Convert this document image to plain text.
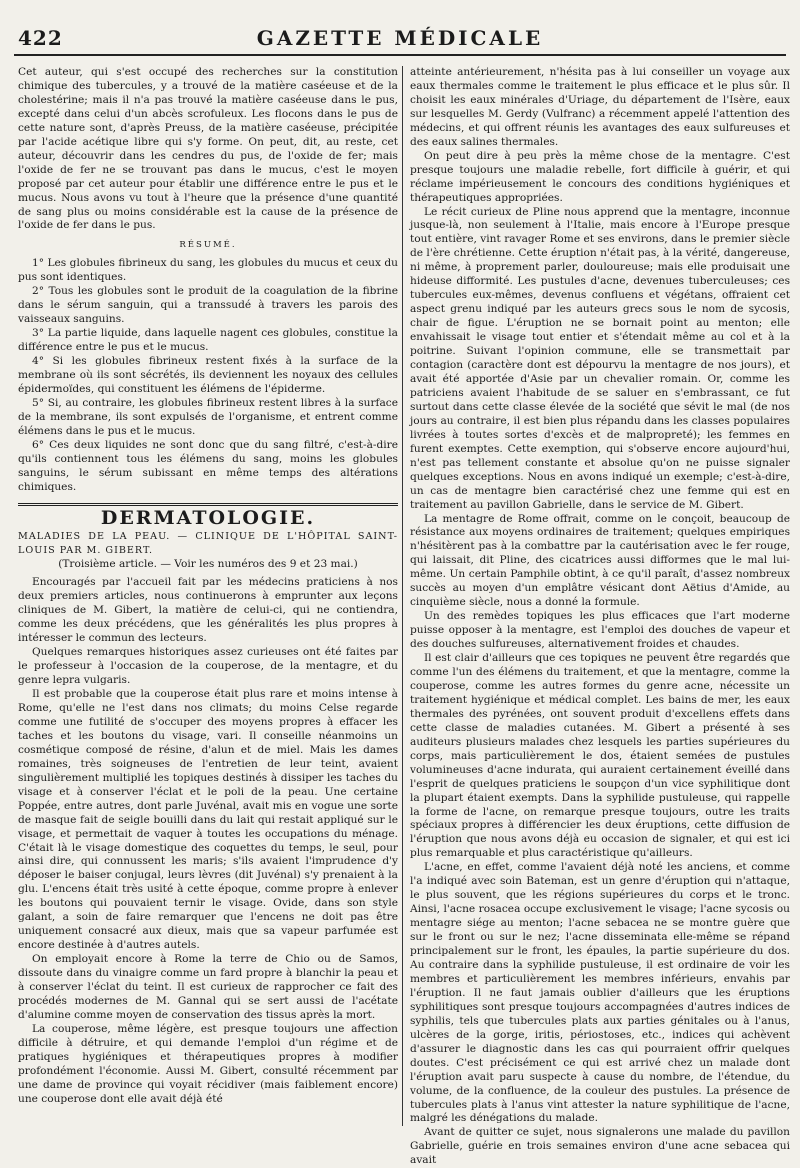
422	GAZETTE MÉDICALE

Cet auteur, qui s'est occupé des recherches sur la constitution chimique des tubercules, y a trouvé de la matière caséeuse et de la cholestérine; mais il n'a pas trouvé la matière caséeuse dans le pus, excepté dans celui d'un abcès scrofuleux. Les flocons dans le pus de cette nature sont, d'après Preuss, de la matière caséeuse, précipitée par l'acide acétique libre qui s'y forme. On peut, dit, au reste, cet auteur, découvrir dans les cendres du pus, de l'oxide de fer; mais l'oxide de fer ne se trouvant pas dans le mucus, c'est le moyen proposé par cet auteur pour établir une différence entre le pus et le mucus. Nous avons vu tout à l'heure que la présence d'une quantité de sang plus ou moins considérable est la cause de la présence de l'oxide de fer dans le pus.

RÉSUMÉ.

1° Les globules fibrineux du sang, les globules du mucus et ceux du pus sont identiques.

2° Tous les globules sont le produit de la coagulation de la fibrine dans le sérum sanguin, qui a transsudé à travers les parois des vaisseaux sanguins.

3° La partie liquide, dans laquelle nagent ces globules, constitue la différence entre le pus et le mucus.

4° Si les globules fibrineux restent fixés à la surface de la membrane où ils sont sécrétés, ils deviennent les noyaux des cellules épidermoïdes, qui constituent les élémens de l'épiderme.

5° Si, au contraire, les globules fibrineux restent libres à la surface de la membrane, ils sont expulsés de l'organisme, et entrent comme élémens dans le pus et le mucus.

6° Ces deux liquides ne sont donc que du sang filtré, c'est-à-dire qu'ils contiennent tous les élémens du sang, moins les globules sanguins, le sérum subissant en même temps des altérations chimiques.

DERMATOLOGIE.

MALADIES DE LA PEAU. — CLINIQUE DE L'HÔPITAL SAINT-LOUIS PAR M. GIBERT.

(Troisième article. — Voir les numéros des 9 et 23 mai.)

Encouragés par l'accueil fait par les médecins praticiens à nos deux premiers articles, nous continuerons à emprunter aux leçons cliniques de M. Gibert, la matière de celui-ci, qui ne contiendra, comme les deux précédens, que les généralités les plus propres à intéresser le commun des lecteurs.

Quelques remarques historiques assez curieuses ont été faites par le professeur à l'occasion de la couperose, de la mentagre, et du genre lepra vulgaris.

Il est probable que la couperose était plus rare et moins intense à Rome, qu'elle ne l'est dans nos climats; du moins Celse regarde comme une futilité de s'occuper des moyens propres à effacer les taches et les boutons du visage, vari. Il conseille néanmoins un cosmétique composé de résine, d'alun et de miel. Mais les dames romaines, très soigneuses de l'entretien de leur teint, avaient singulièrement multiplié les topiques destinés à dissiper les taches du visage et à conserver l'éclat et le poli de la peau. Une certaine Poppée, entre autres, dont parle Juvénal, avait mis en vogue une sorte de masque fait de seigle bouilli dans du lait qui restait appliqué sur le visage, et permettait de vaquer à toutes les occupations du ménage. C'était là le visage domestique des coquettes du temps, le seul, pour ainsi dire, qui connussent les maris; s'ils avaient l'imprudence d'y déposer le baiser conjugal, leurs lèvres (dit Juvénal) s'y prenaient à la glu. L'encens était très usité à cette époque, comme propre à enlever les boutons qui pouvaient ternir le visage. Ovide, dans son style galant, a soin de faire remarquer que l'encens ne doit pas être uniquement consacré aux dieux, mais que sa vapeur parfumée est encore destinée à d'autres autels.

On employait encore à Rome la terre de Chio ou de Samos, dissoute dans du vinaigre comme un fard propre à blanchir la peau et à conserver l'éclat du teint. Il est curieux de rapprocher ce fait des procédés modernes de M. Gannal qui se sert aussi de l'acétate d'alumine comme moyen de conservation des tissus après la mort.

La couperose, même légère, est presque toujours une affection difficile à détruire, et qui demande l'emploi d'un régime et de pratiques hygiéniques et thérapeutiques propres à modifier profondément l'économie. Aussi M. Gibert, consulté récemment par une dame de province qui voyait récidiver (mais faiblement encore) une couperose dont elle avait déjà été

atteinte antérieurement, n'hésita pas à lui conseiller un voyage aux eaux thermales comme le traitement le plus efficace et le plus sûr. Il choisit les eaux minérales d'Uriage, du département de l'Isère, eaux sur lesquelles M. Gerdy (Vulfranc) a récemment appelé l'attention des médecins, et qui offrent réunis les avantages des eaux sulfureuses et des eaux salines thermales.

On peut dire à peu près la même chose de la mentagre. C'est presque toujours une maladie rebelle, fort difficile à guérir, et qui réclame impérieusement le concours des conditions hygiéniques et thérapeutiques appropriées.

Le récit curieux de Pline nous apprend que la mentagre, inconnue jusque-là, non seulement à l'Italie, mais encore à l'Europe presque tout entière, vint ravager Rome et ses environs, dans le premier siècle de l'ère chrétienne. Cette éruption n'était pas, à la vérité, dangereuse, ni même, à proprement parler, douloureuse; mais elle produisait une hideuse difformité. Les pustules d'acne, devenues tuberculeuses; ces tubercules eux-mêmes, devenus confluens et végétans, offraient cet aspect grenu indiqué par les auteurs grecs sous le nom de sycosis, chair de figue. L'éruption ne se bornait point au menton; elle envahissait le visage tout entier et s'étendait même au col et à la poitrine. Suivant l'opinion commune, elle se transmettait par contagion (caractère dont est dépourvu la mentagre de nos jours), et avait été apportée d'Asie par un chevalier romain. Or, comme les patriciens avaient l'habitude de se saluer en s'embrassant, ce fut surtout dans cette classe élevée de la société que sévit le mal (de nos jours au contraire, il est bien plus répandu dans les classes populaires livrées à toutes sortes d'excès et de malpropreté); les femmes en furent exemptes. Cette exemption, qui s'observe encore aujourd'hui, n'est pas tellement constante et absolue qu'on ne puisse signaler quelques exceptions. Nous en avons indiqué un exemple; c'est-à-dire, un cas de mentagre bien caractérisé chez une femme qui est en traitement au pavillon Gabrielle, dans le service de M. Gibert.

La mentagre de Rome offrait, comme on le conçoit, beaucoup de résistance aux moyens ordinaires de traitement; quelques empiriques n'hésitèrent pas à la combattre par la cautérisation avec le fer rouge, qui laissait, dit Pline, des cicatrices aussi difformes que le mal lui-même. Un certain Pamphile obtint, à ce qu'il paraît, d'assez nombreux succès au moyen d'un emplâtre vésicant dont Aëtius d'Amide, au cinquième siècle, nous a donné la formule.

Un des remèdes topiques les plus efficaces que l'art moderne puisse opposer à la mentagre, est l'emploi des douches de vapeur et des douches sulfureuses, alternativement froides et chaudes.

Il est clair d'ailleurs que ces topiques ne peuvent être regardés que comme l'un des élémens du traitement, et que la mentagre, comme la couperose, comme les autres formes du genre acne, nécessite un traitement hygiénique et médical complet. Les bains de mer, les eaux thermales des pyrénées, ont souvent produit d'excellens effets dans cette classe de maladies cutanées. M. Gibert a présenté à ses auditeurs plusieurs malades chez lesquels les parties supérieures du corps, mais particulièrement le dos, étaient semées de pustules volumineuses d'acne indurata, qui auraient certainement éveillé dans l'esprit de quelques praticiens le soupçon d'un vice syphilitique dont la plupart étaient exempts. Dans la syphilide pustuleuse, qui rappelle la forme de l'acne, on remarque presque toujours, outre les traits spéciaux propres à différencier les deux éruptions, cette diffusion de l'éruption que nous avons déjà eu occasion de signaler, et qui est ici plus remarquable et plus caractéristique qu'ailleurs.

L'acne, en effet, comme l'avaient déjà noté les anciens, et comme l'a indiqué avec soin Bateman, est un genre d'éruption qui n'attaque, le plus souvent, que les régions supérieures du corps et le tronc. Ainsi, l'acne rosacea occupe exclusivement le visage; l'acne sycosis ou mentagre siége au menton; l'acne sebacea ne se montre guère que sur le front ou sur le nez; l'acne disseminata elle-même se répand principalement sur le front, les épaules, la partie supérieure du dos. Au contraire dans la syphilide pustuleuse, il est ordinaire de voir les membres et particulièrement les membres inférieurs, envahis par l'éruption. Il ne faut jamais oublier d'ailleurs que les éruptions syphilitiques sont presque toujours accompagnées d'autres indices de syphilis, tels que tubercules plats aux parties génitales ou à l'anus, ulcères de la gorge, iritis, périostoses, etc., indices qui achèvent d'assurer le diagnostic dans les cas qui pourraient offrir quelques doutes. C'est précisément ce qui est arrivé chez un malade dont l'éruption avait paru suspecte à cause du nombre, de l'étendue, du volume, de la confluence, de la couleur des pustules. La présence de tubercules plats à l'anus vint attester la nature syphilitique de l'acne, malgré les dénégations du malade.

Avant de quitter ce sujet, nous signalerons une malade du pavillon Gabrielle, guérie en trois semaines environ d'une acne sebacea qui avait
